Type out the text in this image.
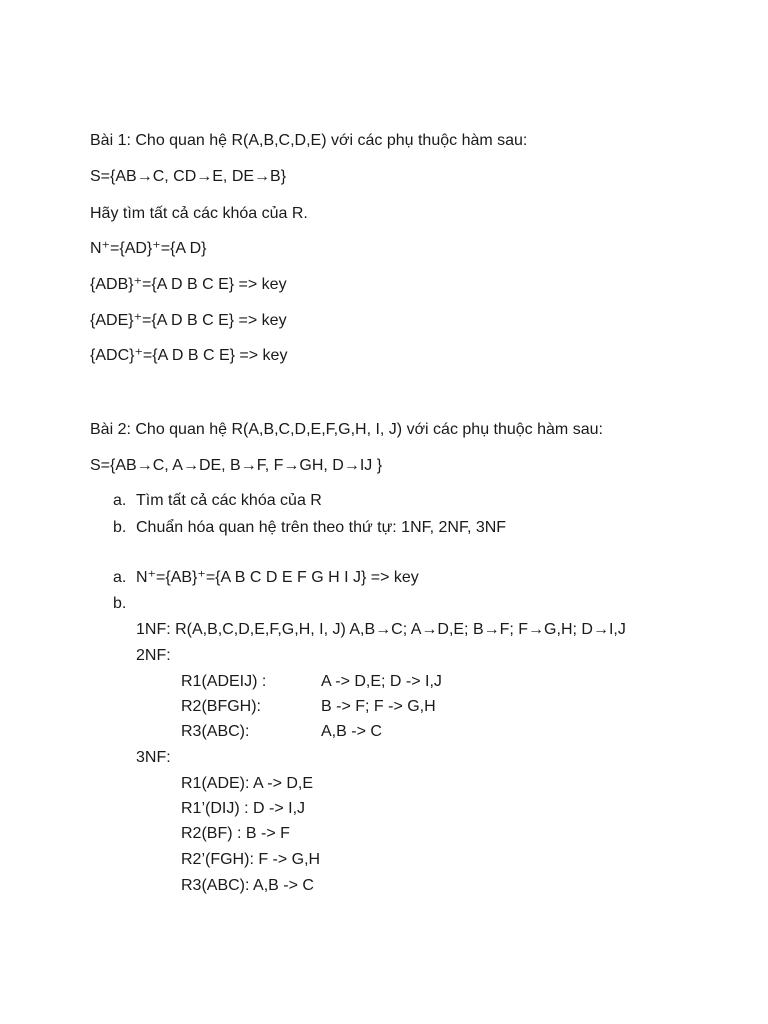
Bài 1: Cho quan hệ R(A,B,C,D,E) với các phụ thuộc hàm sau:
S={AB→C, CD→E, DE→B}
Hãy tìm tất cả các khóa của R.
N⁺={AD}⁺={A D}
{ADB}⁺={A D B C E} => key
{ADE}⁺={A D B C E} => key
{ADC}⁺={A D B C E} => key
Bài 2: Cho quan hệ R(A,B,C,D,E,F,G,H, I, J) với các phụ thuộc hàm sau:
S={AB→C, A→DE, B→F, F→GH, D→IJ }
a. Tìm tất cả các khóa của R
b. Chuẩn hóa quan hệ trên theo thứ tự: 1NF, 2NF, 3NF
a. N⁺={AB}⁺={A B C D E F G H I J} => key
b.
1NF: R(A,B,C,D,E,F,G,H, I, J) A,B→C; A→D,E; B→F; F→G,H; D→I,J
2NF:
R1(ADEIJ) :	A -> D,E; D -> I,J
R2(BFGH):	B -> F; F -> G,H
R3(ABC):	A,B -> C
3NF:
R1(ADE): A -> D,E
R1’(DIJ) : D -> I,J
R2(BF) : B -> F
R2’(FGH): F -> G,H
R3(ABC): A,B -> C
